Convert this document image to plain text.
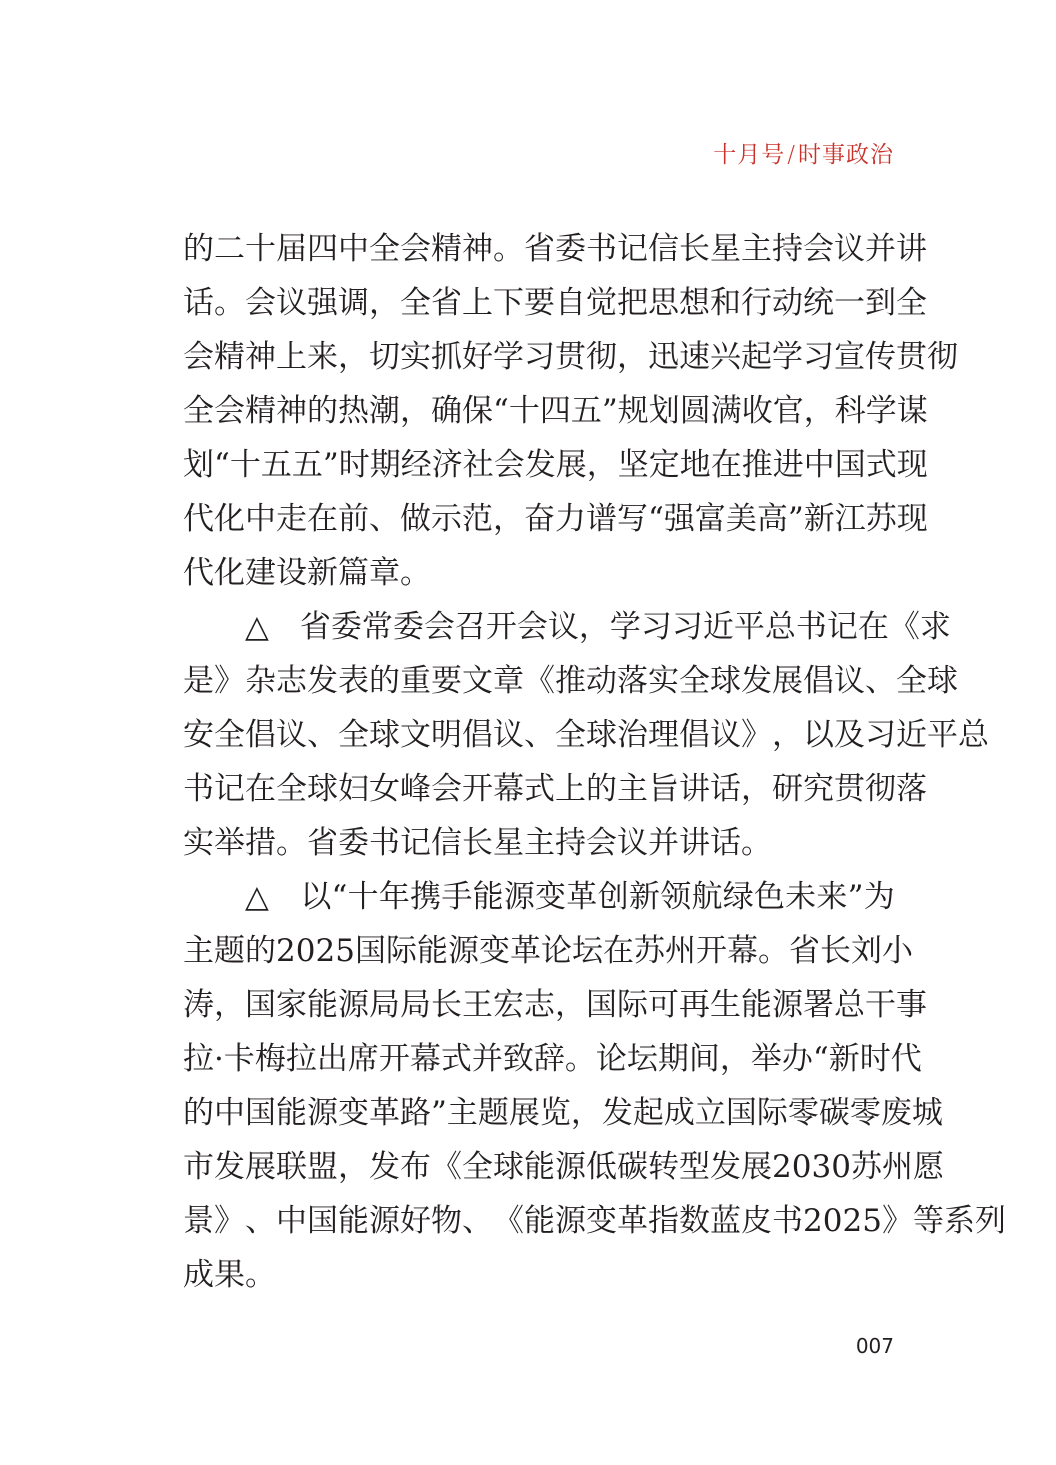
十月号/时事政治
的 二 十 届 四 中 全 会 精 神 。 省 委 书 记 信 长 星 主 持 会 议 并 讲
话 。 会 议 强 调 ， 全 省 上 下 要 自 觉 把 思 想 和 行 动 统 一 到 全
会 精 神 上 来 ， 切 实 抓 好 学 习 贯 彻 ， 迅 速 兴 起 学 习 宣 传 贯 彻
全 会 精 神 的 热 潮 ， 确 保 “ 十 四 五 ” 规 划 圆 满 收 官 ， 科 学 谋
划 “ 十 五 五 ” 时 期 经 济 社 会 发 展 ， 坚 定 地 在 推 进 中 国 式 现
代 化 中 走 在 前 、 做 示 范 ， 奋 力 谱 写 “ 强 富 美 高 ” 新 江 苏 现
代化建设新篇章。
△
　 省 委 常 委 会 召 开 会 议 ， 学 习 习 近 平 总 书 记 在 《 求
是 》 杂 志 发 表 的 重 要 文 章 《 推 动 落 实 全 球 发 展 倡 议 、 全 球
安 全 倡 议 、 全 球 文 明 倡 议 、 全 球 治 理 倡 议 》 ， 以 及 习 近 平 总
书 记 在 全 球 妇 女 峰 会 开 幕 式 上 的 主 旨 讲 话 ， 研 究 贯 彻 落
实举措。省委书记信长星主持会议并讲话。
△
　 以 “ 十 年 携 手 能 源 变 革 创 新 领 航 绿 色 未 来 ” 为
主 题 的 2 0 2 5 国 际 能 源 变 革 论 坛 在 苏 州 开 幕 。 省 长 刘 小
涛 ， 国 家 能 源 局 局 长 王 宏 志 ， 国 际 可 再 生 能 源 署 总 干 事
拉 · 卡 梅 拉 出 席 开 幕 式 并 致 辞 。 论 坛 期 间 ， 举 办 “ 新 时 代
的 中 国 能 源 变 革 路 ” 主 题 展 览 ， 发 起 成 立 国 际 零 碳 零 废 城
市 发 展 联 盟 ， 发 布 《 全 球 能 源 低 碳 转 型 发 展 2 0 3 0 苏 州 愿
景 》 、 中 国 能 源 好 物 、 《 能 源 变 革 指 数 蓝 皮 书 2 0 2 5 》 等 系 列
成果。
007
